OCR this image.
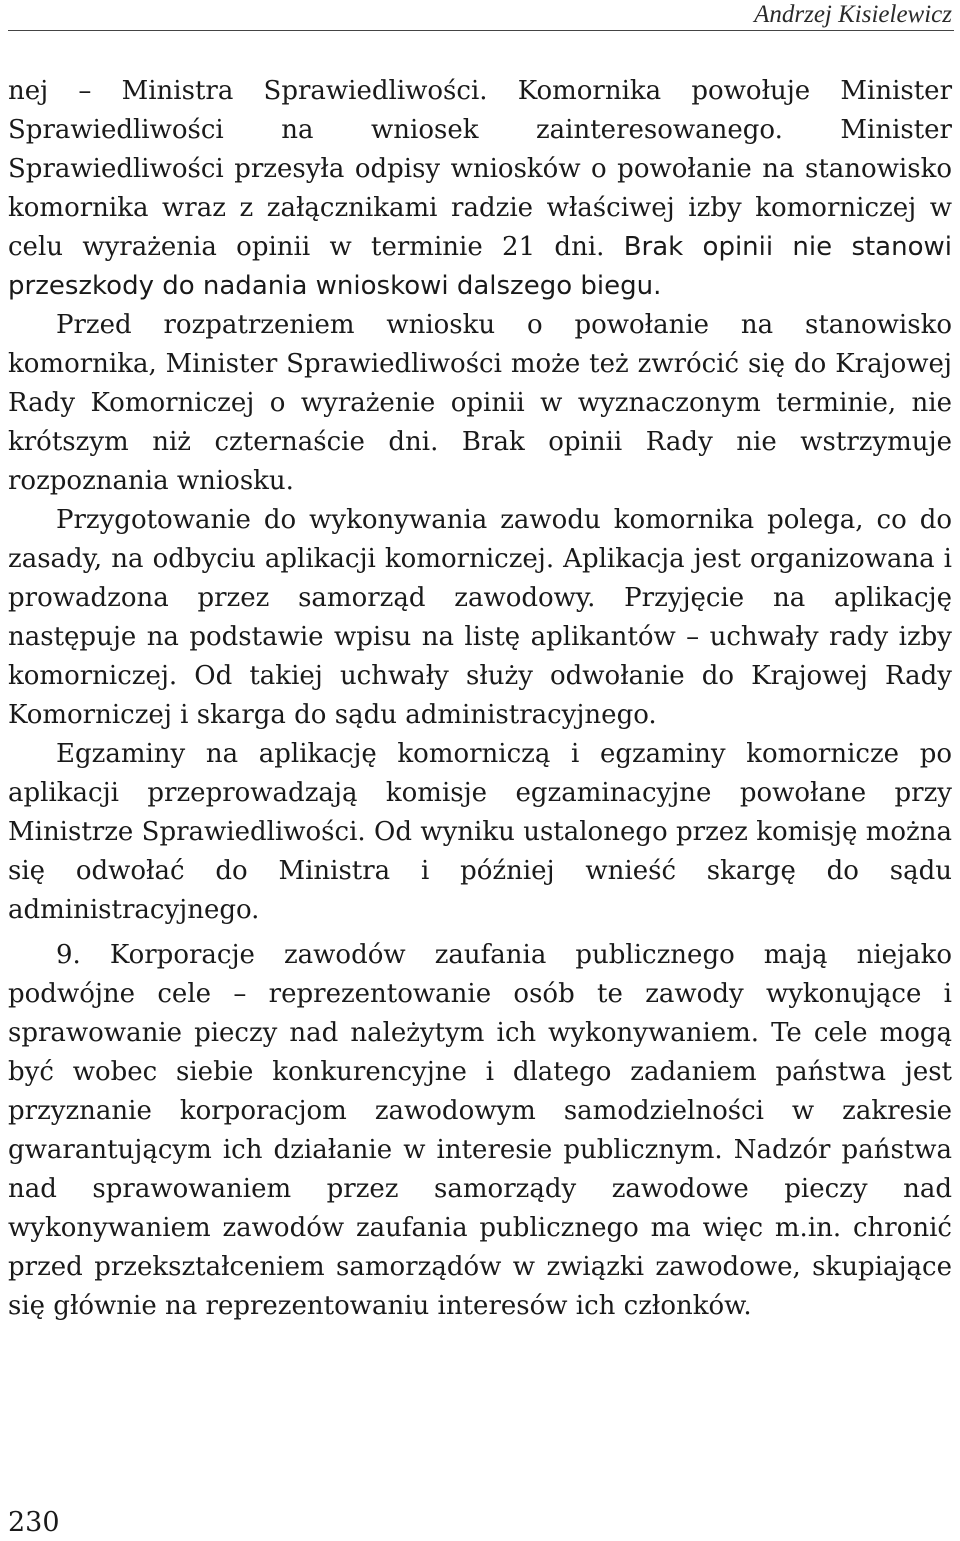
Andrzej Kisielewicz

nej – Ministra Sprawiedliwości. Komornika powołuje Minister Sprawiedliwości na wniosek zainteresowanego. Minister Sprawiedliwości przesyła odpisy wniosków o powołanie na stanowisko komornika wraz z załącznikami radzie właściwej izby komorniczej w celu wyrażenia opinii w terminie 21 dni. Brak opinii nie stanowi przeszkody do nadania wnioskowi dalszego biegu.

Przed rozpatrzeniem wniosku o powołanie na stanowisko komornika, Minister Sprawiedliwości może też zwrócić się do Krajowej Rady Komorniczej o wyrażenie opinii w wyznaczonym terminie, nie krótszym niż czternaście dni. Brak opinii Rady nie wstrzymuje rozpoznania wniosku.

Przygotowanie do wykonywania zawodu komornika polega, co do zasady, na odbyciu aplikacji komorniczej. Aplikacja jest organizowana i prowadzona przez samorząd zawodowy. Przyjęcie na aplikację następuje na podstawie wpisu na listę aplikantów – uchwały rady izby komorniczej. Od takiej uchwały służy odwołanie do Krajowej Rady Komorniczej i skarga do sądu administracyjnego.

Egzaminy na aplikację komorniczą i egzaminy komornicze po aplikacji przeprowadzają komisje egzaminacyjne powołane przy Ministrze Sprawiedliwości. Od wyniku ustalonego przez komisję można się odwołać do Ministra i później wnieść skargę do sądu administracyjnego.

9. Korporacje zawodów zaufania publicznego mają niejako podwójne cele – reprezentowanie osób te zawody wykonujące i sprawowanie pieczy nad należytym ich wykonywaniem. Te cele mogą być wobec siebie konkurencyjne i dlatego zadaniem państwa jest przyznanie korporacjom zawodowym samodzielności w zakresie gwarantującym ich działanie w interesie publicznym. Nadzór państwa nad sprawowaniem przez samorządy zawodowe pieczy nad wykonywaniem zawodów zaufania publicznego ma więc m.in. chronić przed przekształceniem samorządów w związki zawodowe, skupiające się głównie na reprezentowaniu interesów ich członków.

230
